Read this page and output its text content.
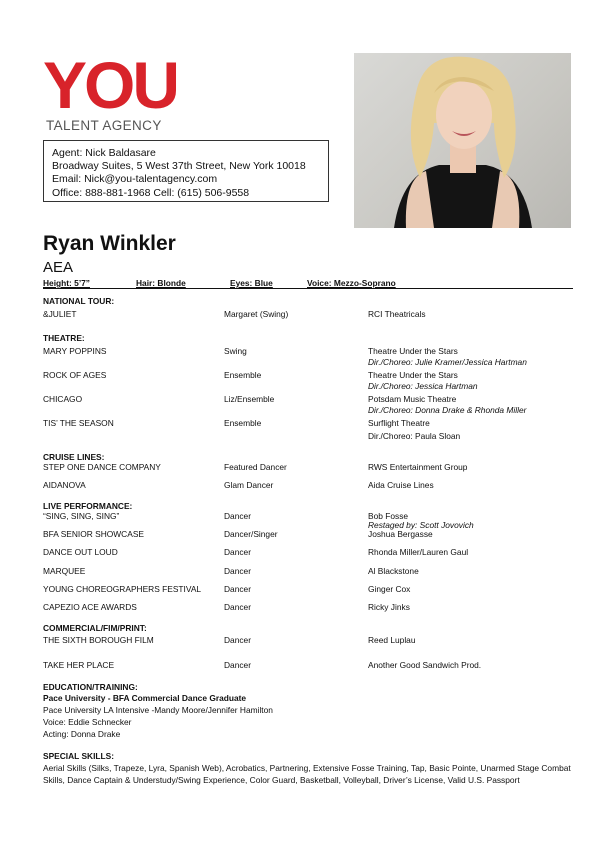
YOU
TALENT AGENCY
Agent: Nick Baldasare
Broadway Suites, 5 West 37th Street, New York 10018
Email: Nick@you-talentagency.com
Office: 888-881-1968 Cell: (615) 506-9558
Ryan Winkler
AEA
Height: 5’7”	Hair: Blonde	Eyes: Blue	Voice: Mezzo-Soprano
NATIONAL TOUR:
&JULIET	Margaret (Swing)	RCI Theatricals
THEATRE:
MARY POPPINS	Swing	Theatre Under the Stars
Dir./Choreo: Julie Kramer/Jessica Hartman
ROCK OF AGES	Ensemble	Theatre Under the Stars
Dir./Choreo: Jessica Hartman
CHICAGO	Liz/Ensemble	Potsdam Music Theatre
Dir./Choreo: Donna Drake & Rhonda Miller
TIS’ THE SEASON	Ensemble	Surflight Theatre
Dir./Choreo: Paula Sloan
CRUISE LINES:
STEP ONE DANCE COMPANY	Featured Dancer	RWS Entertainment Group
AIDANOVA	Glam Dancer	Aida Cruise Lines
LIVE PERFORMANCE:
“SING, SING, SING”	Dancer	Bob Fosse
Restaged by: Scott Jovovich
BFA SENIOR SHOWCASE	Dancer/Singer	Joshua Bergasse
DANCE OUT LOUD	Dancer	Rhonda Miller/Lauren Gaul
MARQUEE	Dancer	Al Blackstone
YOUNG CHOREOGRAPHERS FESTIVAL	Dancer	Ginger Cox
CAPEZIO ACE AWARDS	Dancer	Ricky Jinks
COMMERCIAL/FIM/PRINT:
THE SIXTH BOROUGH FILM	Dancer	Reed Luplau
TAKE HER PLACE	Dancer	Another Good Sandwich Prod.
EDUCATION/TRAINING:
Pace University - BFA Commercial Dance Graduate
Pace University LA Intensive -Mandy Moore/Jennifer Hamilton
Voice: Eddie Schnecker
Acting: Donna Drake
SPECIAL SKILLS:
Aerial Skills (Silks, Trapeze, Lyra, Spanish Web), Acrobatics, Partnering, Extensive Fosse Training, Tap, Basic Pointe, Unarmed Stage Combat Skills, Dance Captain & Understudy/Swing Experience, Color Guard, Basketball, Volleyball, Driver’s License, Valid U.S. Passport
